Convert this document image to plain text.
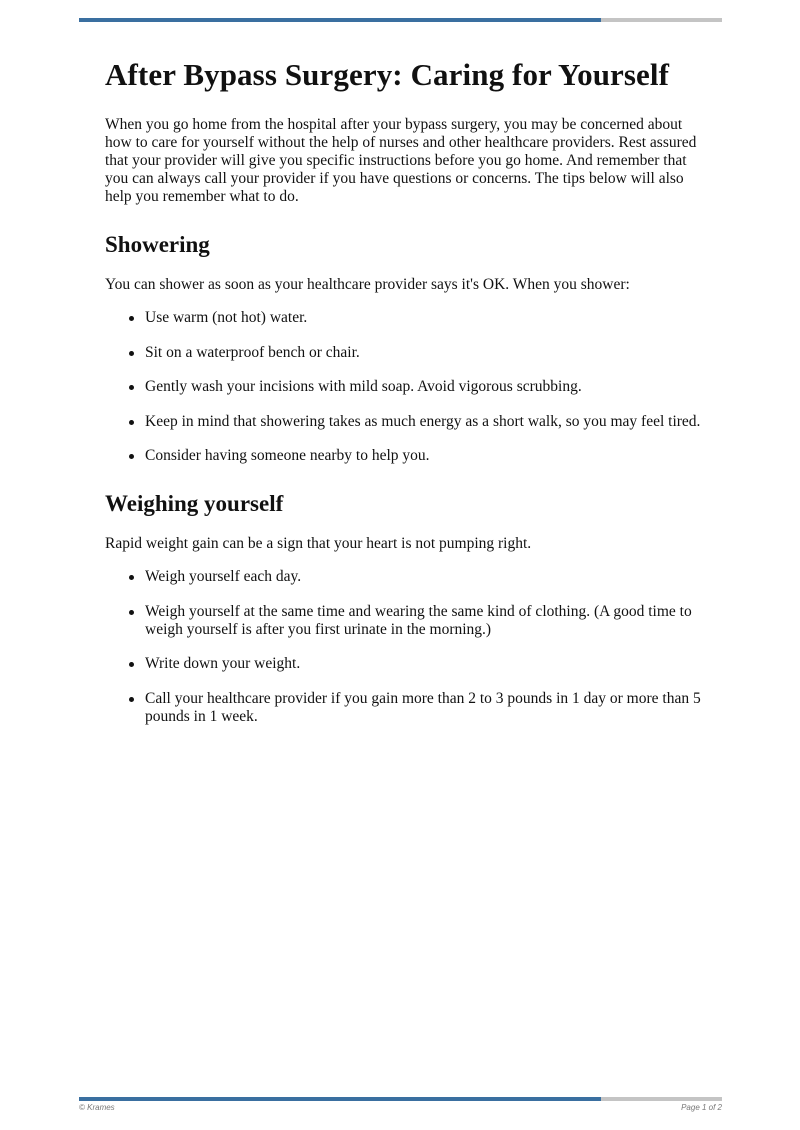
After Bypass Surgery: Caring for Yourself

When you go home from the hospital after your bypass surgery, you may be concerned about how to care for yourself without the help of nurses and other healthcare providers. Rest assured that your provider will give you specific instructions before you go home. And remember that you can always call your provider if you have questions or concerns. The tips below will also help you remember what to do.

Showering

You can shower as soon as your healthcare provider says it's OK. When you shower:

Use warm (not hot) water.
Sit on a waterproof bench or chair.
Gently wash your incisions with mild soap. Avoid vigorous scrubbing.
Keep in mind that showering takes as much energy as a short walk, so you may feel tired.
Consider having someone nearby to help you.
Weighing yourself

Rapid weight gain can be a sign that your heart is not pumping right.

Weigh yourself each day.
Weigh yourself at the same time and wearing the same kind of clothing. (A good time to weigh yourself is after you first urinate in the morning.)
Write down your weight.
Call your healthcare provider if you gain more than 2 to 3 pounds in 1 day or more than 5 pounds in 1 week.
© Krames	Page 1 of 2
